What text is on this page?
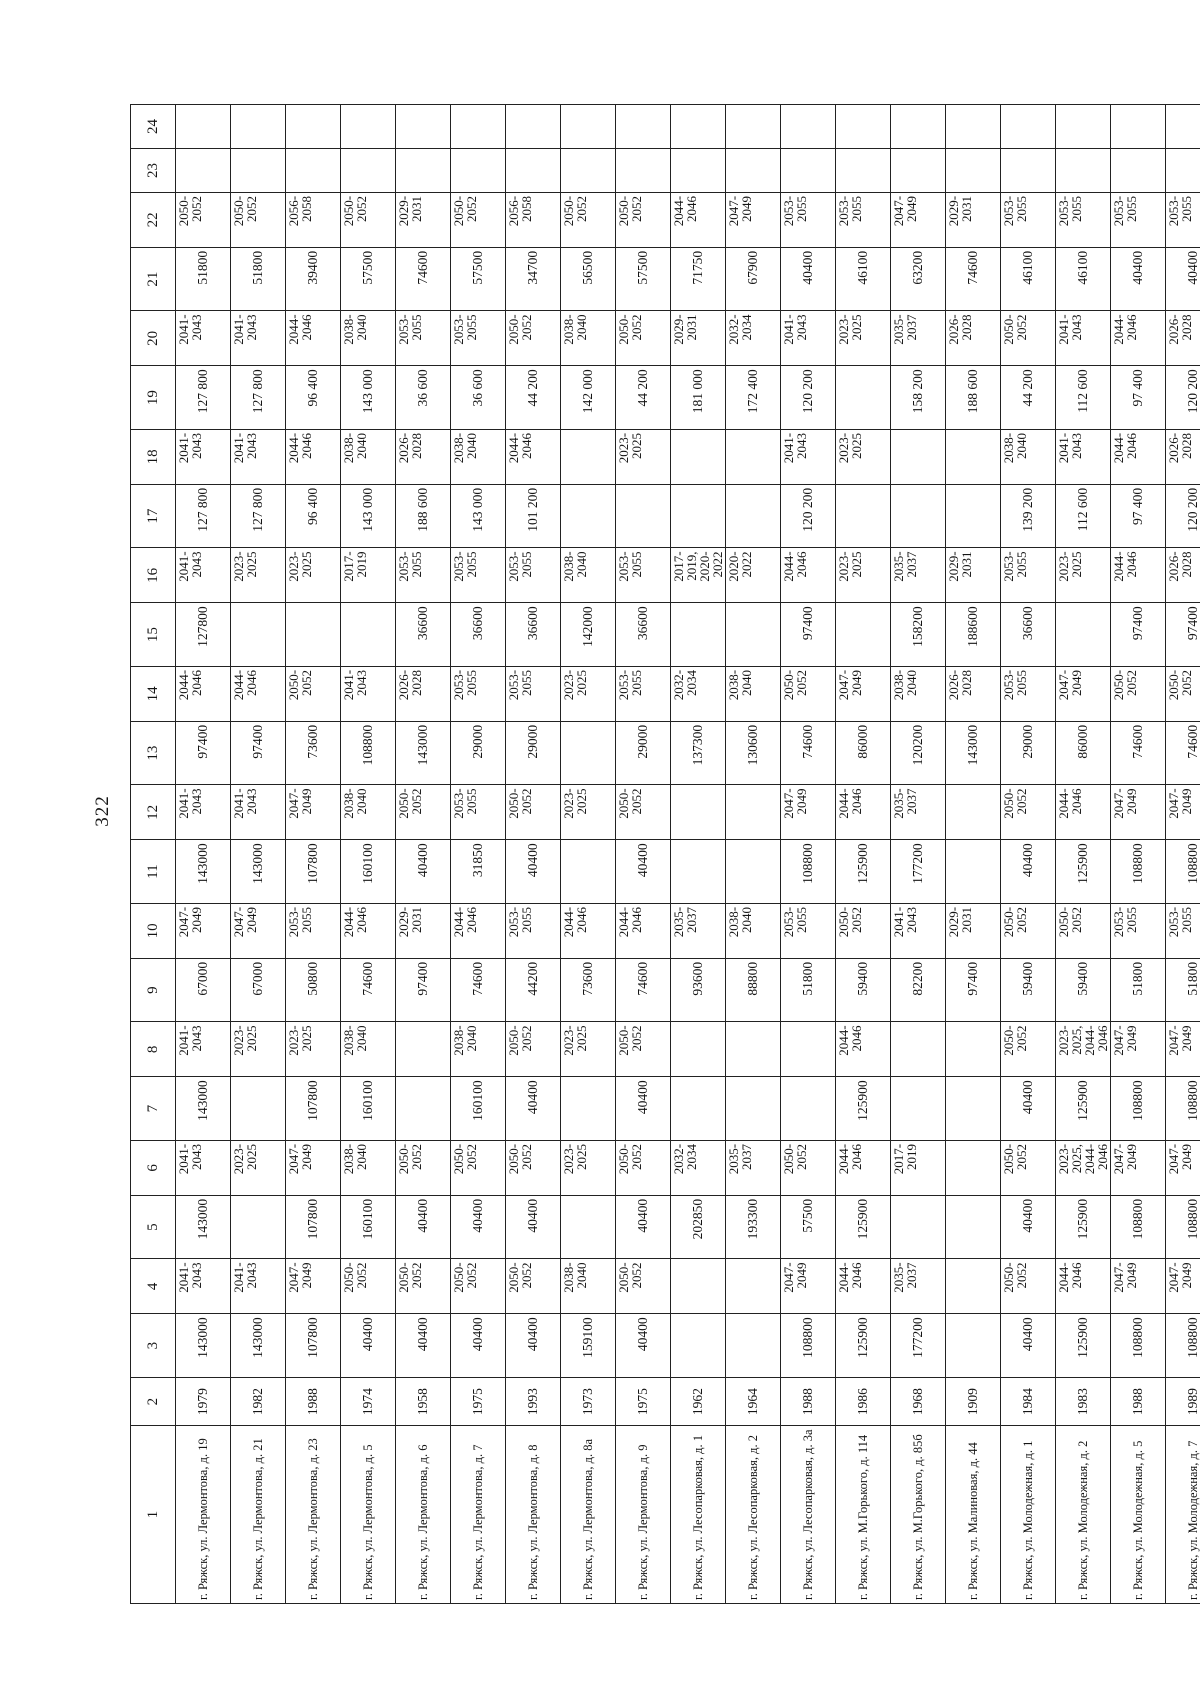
322
1	2	3	4	5	6	7	8	9	10	11	12	13	14	15	16	17	18	19	20	21	22	23	24
г. Ряжск, ул. Лермонтова, д. 19	1979	143000	2041-2043	143000	2041-2043	143000	2041-2043	67000	2047-2049	143000	2041-2043	97400	2044-2046	127800	2041-2043	127 800	2041-2043	127 800	2041-2043	51800	2050-2052		
г. Ряжск, ул. Лермонтова, д. 21	1982	143000	2041-2043		2023-2025		2023-2025	67000	2047-2049	143000	2041-2043	97400	2044-2046		2023-2025	127 800	2041-2043	127 800	2041-2043	51800	2050-2052		
г. Ряжск, ул. Лермонтова, д. 23	1988	107800	2047-2049	107800	2047-2049	107800	2023-2025	50800	2053-2055	107800	2047-2049	73600	2050-2052		2023-2025	96 400	2044-2046	96 400	2044-2046	39400	2056-2058		
г. Ряжск, ул. Лермонтова, д. 5	1974	40400	2050-2052	160100	2038-2040	160100	2038-2040	74600	2044-2046	160100	2038-2040	108800	2041-2043		2017-2019	143 000	2038-2040	143 000	2038-2040	57500	2050-2052		
г. Ряжск, ул. Лермонтова, д. 6	1958	40400	2050-2052	40400	2050-2052			97400	2029-2031	40400	2050-2052	143000	2026-2028	36600	2053-2055	188 600	2026-2028	36 600	2053-2055	74600	2029-2031		
г. Ряжск, ул. Лермонтова, д. 7	1975	40400	2050-2052	40400	2050-2052	160100	2038-2040	74600	2044-2046	31850	2053-2055	29000	2053-2055	36600	2053-2055	143 000	2038-2040	36 600	2053-2055	57500	2050-2052		
г. Ряжск, ул. Лермонтова, д. 8	1993	40400	2050-2052	40400	2050-2052	40400	2050-2052	44200	2053-2055	40400	2050-2052	29000	2053-2055	36600	2053-2055	101 200	2044-2046	44 200	2050-2052	34700	2056-2058		
г. Ряжск, ул. Лермонтова, д. 8а	1973	159100	2038-2040		2023-2025		2023-2025	73600	2044-2046		2023-2025		2023-2025	142000	2038-2040			142 000	2038-2040	56500	2050-2052		
г. Ряжск, ул. Лермонтова, д. 9	1975	40400	2050-2052	40400	2050-2052	40400	2050-2052	74600	2044-2046	40400	2050-2052	29000	2053-2055	36600	2053-2055		2023-2025	44 200	2050-2052	57500	2050-2052		
г. Ряжск, ул. Лесопарковая, д. 1	1962			202850	2032-2034			93600	2035-2037			137300	2032-2034		2017-2019, 2020-2022			181 000	2029-2031	71750	2044-2046		
г. Ряжск, ул. Лесопарковая, д. 2	1964			193300	2035-2037			88800	2038-2040			130600	2038-2040		2020-2022			172 400	2032-2034	67900	2047-2049		
г. Ряжск, ул. Лесопарковая, д. 3а	1988	108800	2047-2049	57500	2050-2052			51800	2053-2055	108800	2047-2049	74600	2050-2052	97400	2044-2046	120 200	2041-2043	120 200	2041-2043	40400	2053-2055		
г. Ряжск, ул. М.Горького, д. 114	1986	125900	2044-2046	125900	2044-2046	125900	2044-2046	59400	2050-2052	125900	2044-2046	86000	2047-2049		2023-2025		2023-2025		2023-2025	46100	2053-2055		
г. Ряжск, ул. М.Горького, д. 85б	1968	177200	2035-2037		2017-2019			82200	2041-2043	177200	2035-2037	120200	2038-2040	158200	2035-2037			158 200	2035-2037	63200	2047-2049		
г. Ряжск, ул. Малиновая, д. 44	1909							97400	2029-2031			143000	2026-2028	188600	2029-2031			188 600	2026-2028	74600	2029-2031		
г. Ряжск, ул. Молодежная, д. 1	1984	40400	2050-2052	40400	2050-2052	40400	2050-2052	59400	2050-2052	40400	2050-2052	29000	2053-2055	36600	2053-2055	139 200	2038-2040	44 200	2050-2052	46100	2053-2055		
г. Ряжск, ул. Молодежная, д. 2	1983	125900	2044-2046	125900	2023-2025, 2044-2046	125900	2023-2025, 2044-2046	59400	2050-2052	125900	2044-2046	86000	2047-2049		2023-2025	112 600	2041-2043	112 600	2041-2043	46100	2053-2055		
г. Ряжск, ул. Молодежная, д. 5	1988	108800	2047-2049	108800	2047-2049	108800	2047-2049	51800	2053-2055	108800	2047-2049	74600	2050-2052	97400	2044-2046	97 400	2044-2046	97 400	2044-2046	40400	2053-2055		
г. Ряжск, ул. Молодежная, д. 7	1989	108800	2047-2049	108800	2047-2049	108800	2047-2049	51800	2053-2055	108800	2047-2049	74600	2050-2052	97400	2026-2028	120 200	2026-2028	120 200	2026-2028	40400	2053-2055		
